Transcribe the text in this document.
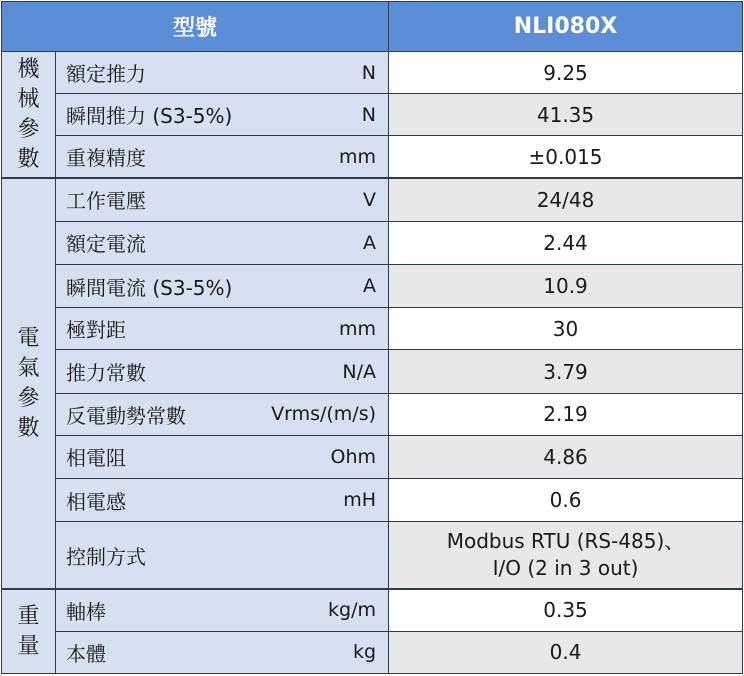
型號			NLI080X

機
械
參
數	額定推力	N	9.25
	瞬間推力 (S3-5%)	N	41.35
	重複精度	mm	±0.015

電
氣
參
數	工作電壓	V	24/48
	額定電流	A	2.44
	瞬間電流 (S3-5%)	A	10.9
	極對距	mm	30
	推力常數	N/A	3.79
	反電動勢常數	Vrms/(m/s)	2.19
	相電阻	Ohm	4.86
	相電感	mH	0.6
	控制方式		Modbus RTU (RS-485)、
I/O (2 in 3 out)

重
量	軸棒	kg/m	0.35
	本體	kg	0.4
